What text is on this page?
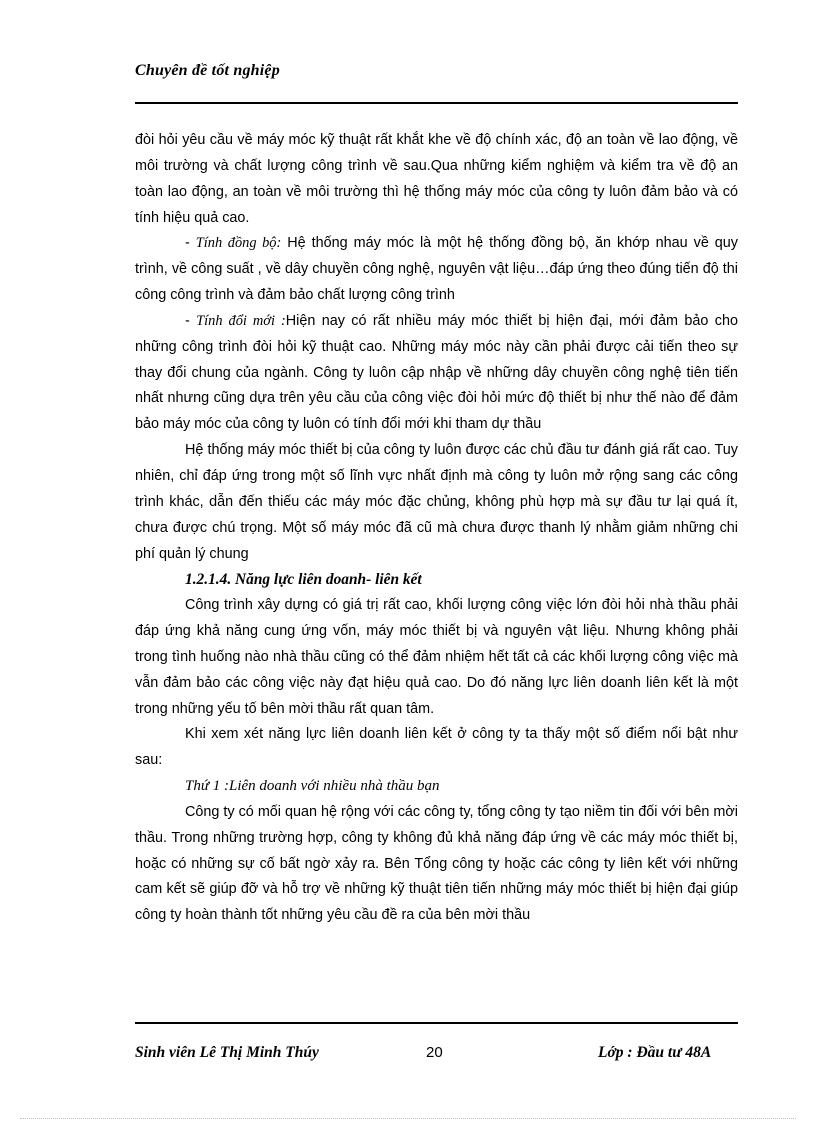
Chuyên đề tốt nghiệp

đòi hỏi yêu cầu về máy móc kỹ thuật rất khắt khe về độ chính xác, độ an toàn về lao động, về môi trường và chất lượng công trình về sau.Qua những kiểm nghiệm và kiểm tra về độ an toàn lao động, an toàn về môi trường thì hệ thống máy móc của công ty luôn đảm bảo và có tính hiệu quả cao.

- Tính đồng bộ: Hệ thống máy móc là một hệ thống đồng bộ, ăn khớp nhau về quy trình, về công suất , về dây chuyền công nghệ, nguyên vật liệu…đáp ứng theo đúng tiến độ thi công công trình và đảm bảo chất lượng công trình

- Tính đổi mới :Hiện nay có rất nhiều máy móc thiết bị hiện đại, mới đảm bảo cho những công trình đòi hỏi kỹ thuật cao. Những máy móc này cần phải được cải tiến theo sự thay đổi chung của ngành. Công ty luôn cập nhập về những dây chuyền công nghệ tiên tiến nhất nhưng cũng dựa trên yêu cầu của công việc đòi hỏi mức độ thiết bị như thế nào để đảm bảo máy móc của công ty luôn có tính đổi mới khi tham dự thầu

Hệ thống máy móc thiết bị của công ty luôn được các chủ đầu tư đánh giá rất cao. Tuy nhiên, chỉ đáp ứng trong một số lĩnh vực nhất định mà công ty luôn mở rộng sang các công trình khác, dẫn đến thiếu các máy móc đặc chủng, không phù hợp mà sự đầu tư lại quá ít, chưa được chú trọng. Một số máy móc đã cũ mà chưa được thanh lý nhằm giảm những chi phí quản lý chung

1.2.1.4. Năng lực liên doanh- liên kết

Công trình xây dựng có giá trị rất cao, khối lượng công việc lớn đòi hỏi nhà thầu phải đáp ứng khả năng cung ứng vốn, máy móc thiết bị và nguyên vật liệu. Nhưng không phải trong tình huống nào nhà thầu cũng có thể đảm nhiệm hết tất cả các khối lượng công việc mà vẫn đảm bảo các công việc này đạt hiệu quả cao. Do đó năng lực liên doanh liên kết là một trong những yếu tố bên mời thầu rất quan tâm.

Khi xem xét năng lực liên doanh liên kết ở công ty ta thấy một số điểm nổi bật như sau:

Thứ 1 :Liên doanh với nhiều nhà thầu bạn

Công ty có mối quan hệ rộng với các công ty, tổng công ty tạo niềm tin đối với bên mời thầu. Trong những trường hợp, công ty không đủ khả năng đáp ứng về các máy móc thiết bị, hoặc có những sự cố bất ngờ xảy ra. Bên Tổng công ty hoặc các công ty liên kết với những cam kết sẽ giúp đỡ và hỗ trợ về những kỹ thuật tiên tiến những máy móc thiết bị hiện đại giúp công ty hoàn thành tốt những yêu cầu đề ra của bên mời thầu

Sinh viên Lê Thị Minh Thúy	20	Lớp : Đầu tư 48A
